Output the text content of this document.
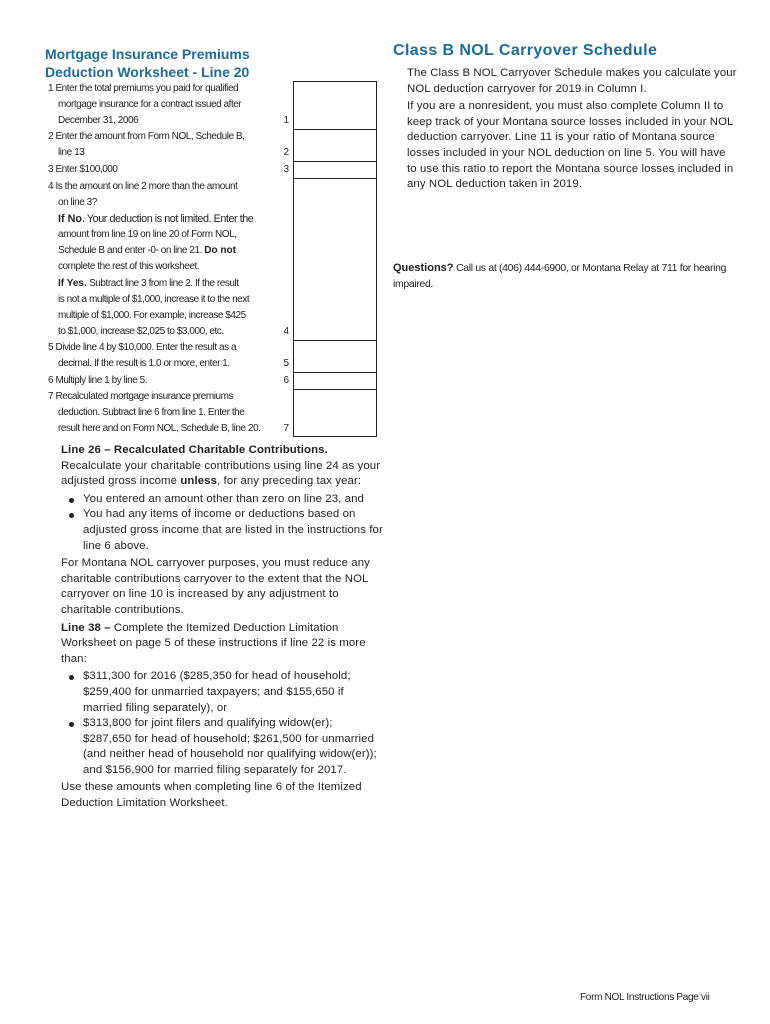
Mortgage Insurance Premiums
Deduction Worksheet - Line 20
1 Enter the total premiums you paid for qualified
mortgage insurance for a contract issued after
December 31, 2006	1
2 Enter the amount from Form NOL, Schedule B,
line 13	2
3 Enter $100,000	3
4 Is the amount on line 2 more than the amount
on line 3?
If No. Your deduction is not limited. Enter the
amount from line 19 on line 20 of Form NOL,
Schedule B and enter -0- on line 21. Do not
complete the rest of this worksheet.
If Yes. Subtract line 3 from line 2. If the result
is not a multiple of $1,000, increase it to the next
multiple of $1,000. For example, increase $425
to $1,000, increase $2,025 to $3,000, etc.	4
5 Divide line 4 by $10,000. Enter the result as a
decimal. If the result is 1.0 or more, enter 1.	5
6 Multiply line 1 by line 5.	6
7 Recalculated mortgage insurance premiums
deduction. Subtract line 6 from line 1. Enter the
result here and on Form NOL, Schedule B, line 20.	7

Line 26 – Recalculated Charitable Contributions.

Recalculate your charitable contributions using line 24 as your adjusted gross income unless, for any preceding tax year:

You entered an amount other than zero on line 23, and
You had any items of income or deductions based on adjusted gross income that are listed in the instructions for line 6 above.

For Montana NOL carryover purposes, you must reduce any charitable contributions carryover to the extent that the NOL carryover on line 10 is increased by any adjustment to charitable contributions.

Line 38 – Complete the Itemized Deduction Limitation Worksheet on page 5 of these instructions if line 22 is more than:

$311,300 for 2016 ($285,350 for head of household; $259,400 for unmarried taxpayers; and $155,650 if married filing separately), or
$313,800 for joint filers and qualifying widow(er); $287,650 for head of household; $261,500 for unmarried (and neither head of household nor qualifying widow(er)); and $156,900 for married filing separately for 2017.

Use these amounts when completing line 6 of the Itemized Deduction Limitation Worksheet.

Class B NOL Carryover Schedule

The Class B NOL Carryover Schedule makes you calculate your NOL deduction carryover for 2019 in Column I.

If you are a nonresident, you must also complete Column II to keep track of your Montana source losses included in your NOL deduction carryover. Line 11 is your ratio of Montana source losses included in your NOL deduction on line 5. You will have to use this ratio to report the Montana source losses included in any NOL deduction taken in 2019.

Questions? Call us at (406) 444-6900, or Montana Relay at 711 for hearing impaired.
Form NOL Instructions Page vii
